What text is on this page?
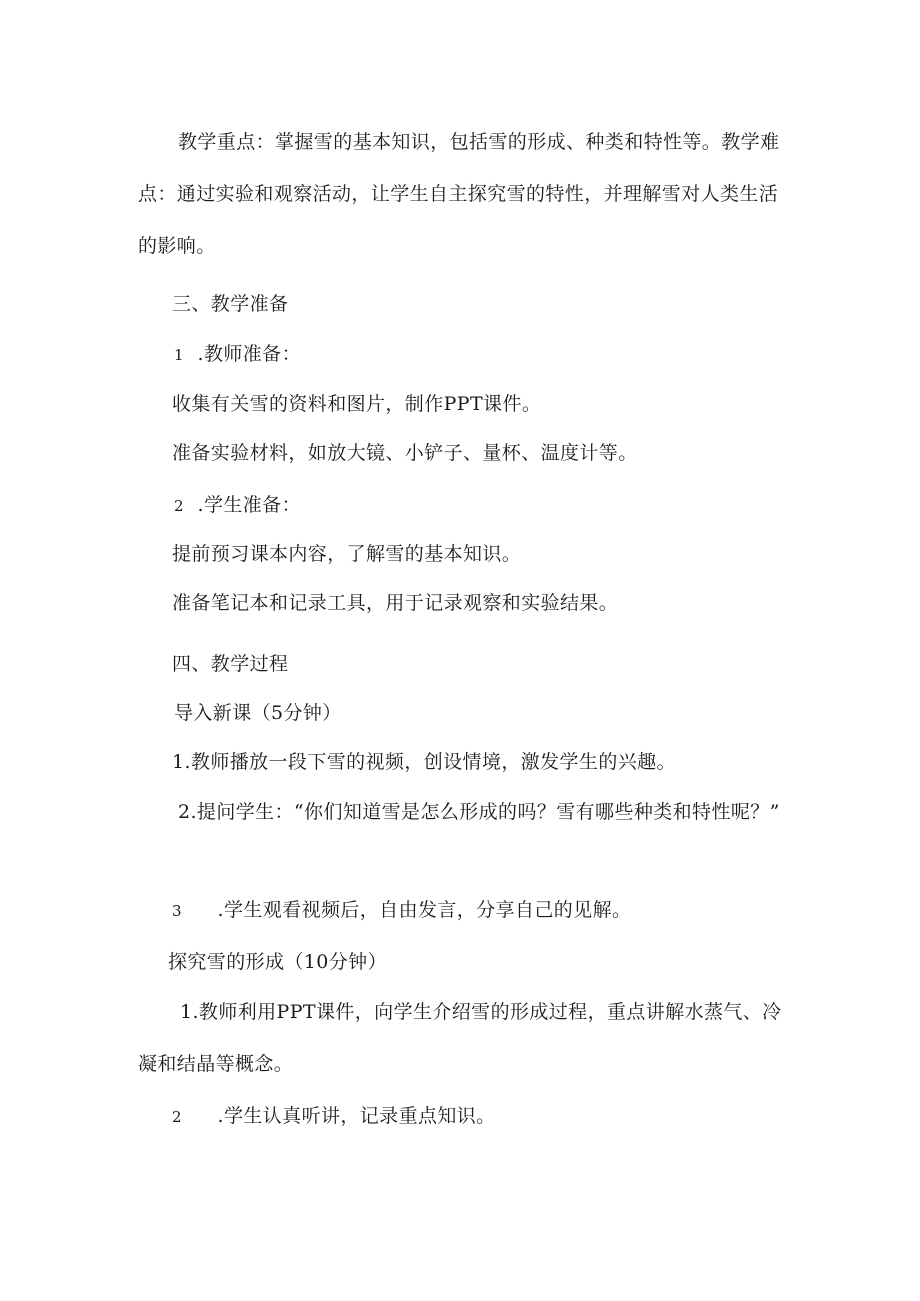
教学重点：掌握雪的基本知识，包括雪的形成、种类和特性等。教学难点：通过实验和观察活动，让学生自主探究雪的特性，并理解雪对人类生活的影响。
三、教学准备
1 .教师准备：
收集有关雪的资料和图片，制作PPT课件。
准备实验材料，如放大镜、小铲子、量杯、温度计等。
2 .学生准备：
提前预习课本内容，了解雪的基本知识。
准备笔记本和记录工具，用于记录观察和实验结果。
四、教学过程
导入新课（5分钟）
1.教师播放一段下雪的视频，创设情境，激发学生的兴趣。
2.提问学生：“你们知道雪是怎么形成的吗？雪有哪些种类和特性呢？”
3 .学生观看视频后，自由发言，分享自己的见解。
探究雪的形成（10分钟）
1.教师利用PPT课件，向学生介绍雪的形成过程，重点讲解水蒸气、冷凝和结晶等概念。
2 .学生认真听讲，记录重点知识。
